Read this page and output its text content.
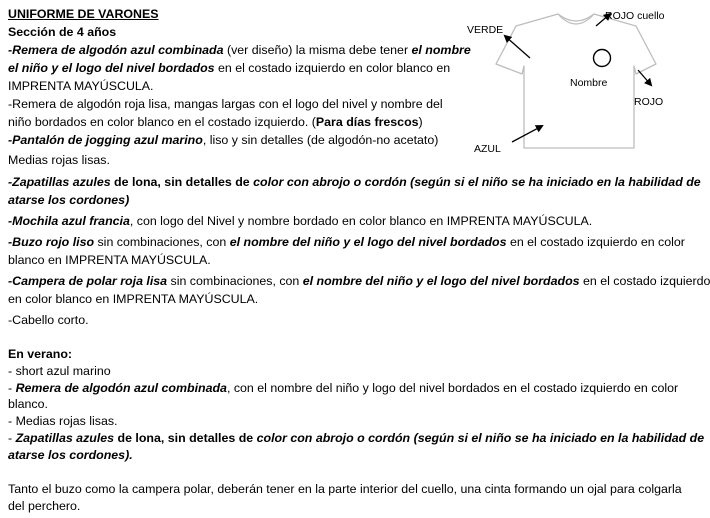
UNIFORME DE VARONES
Sección de 4 años
-Remera de algodón azul combinada (ver diseño) la misma debe tener el nombre
el niño y el logo del nivel bordados en el costado izquierdo en color blanco en
IMPRENTA MAYÚSCULA.
-Remera de algodón roja lisa, mangas largas con el logo del nivel y nombre del
niño bordados en color blanco en el costado izquierdo. (Para días frescos)
-Pantalón de jogging azul marino, liso y sin detalles (de algodón-no acetato)
Medias rojas lisas.
-Zapatillas azules de lona, sin detalles de color con abrojo o cordón (según si el niño se ha iniciado en la habilidad de
atarse los cordones)
-Mochila azul francia, con logo del Nivel y nombre bordado en color blanco en IMPRENTA MAYÚSCULA.
-Buzo rojo liso sin combinaciones, con el nombre del niño y el logo del nivel bordados en el costado izquierdo en color
blanco en IMPRENTA MAYÚSCULA.
-Campera de polar roja lisa sin combinaciones, con el nombre del niño y el logo del nivel bordados en el costado izquierdo
en color blanco en IMPRENTA MAYÚSCULA.
-Cabello corto.
En verano:
- short azul marino
- Remera de algodón azul combinada, con el nombre del niño y logo del nivel bordados en el costado izquierdo en color
blanco.
- Medias rojas lisas.
- Zapatillas azules de lona, sin detalles de color con abrojo o cordón (según si el niño se ha iniciado en la habilidad de
atarse los cordones).
Tanto el buzo como la campera polar, deberán tener en la parte interior del cuello, una cinta formando un ojal para colgarla
del perchero.
VERDE
ROJO cuello
Nombre
ROJO
AZUL
